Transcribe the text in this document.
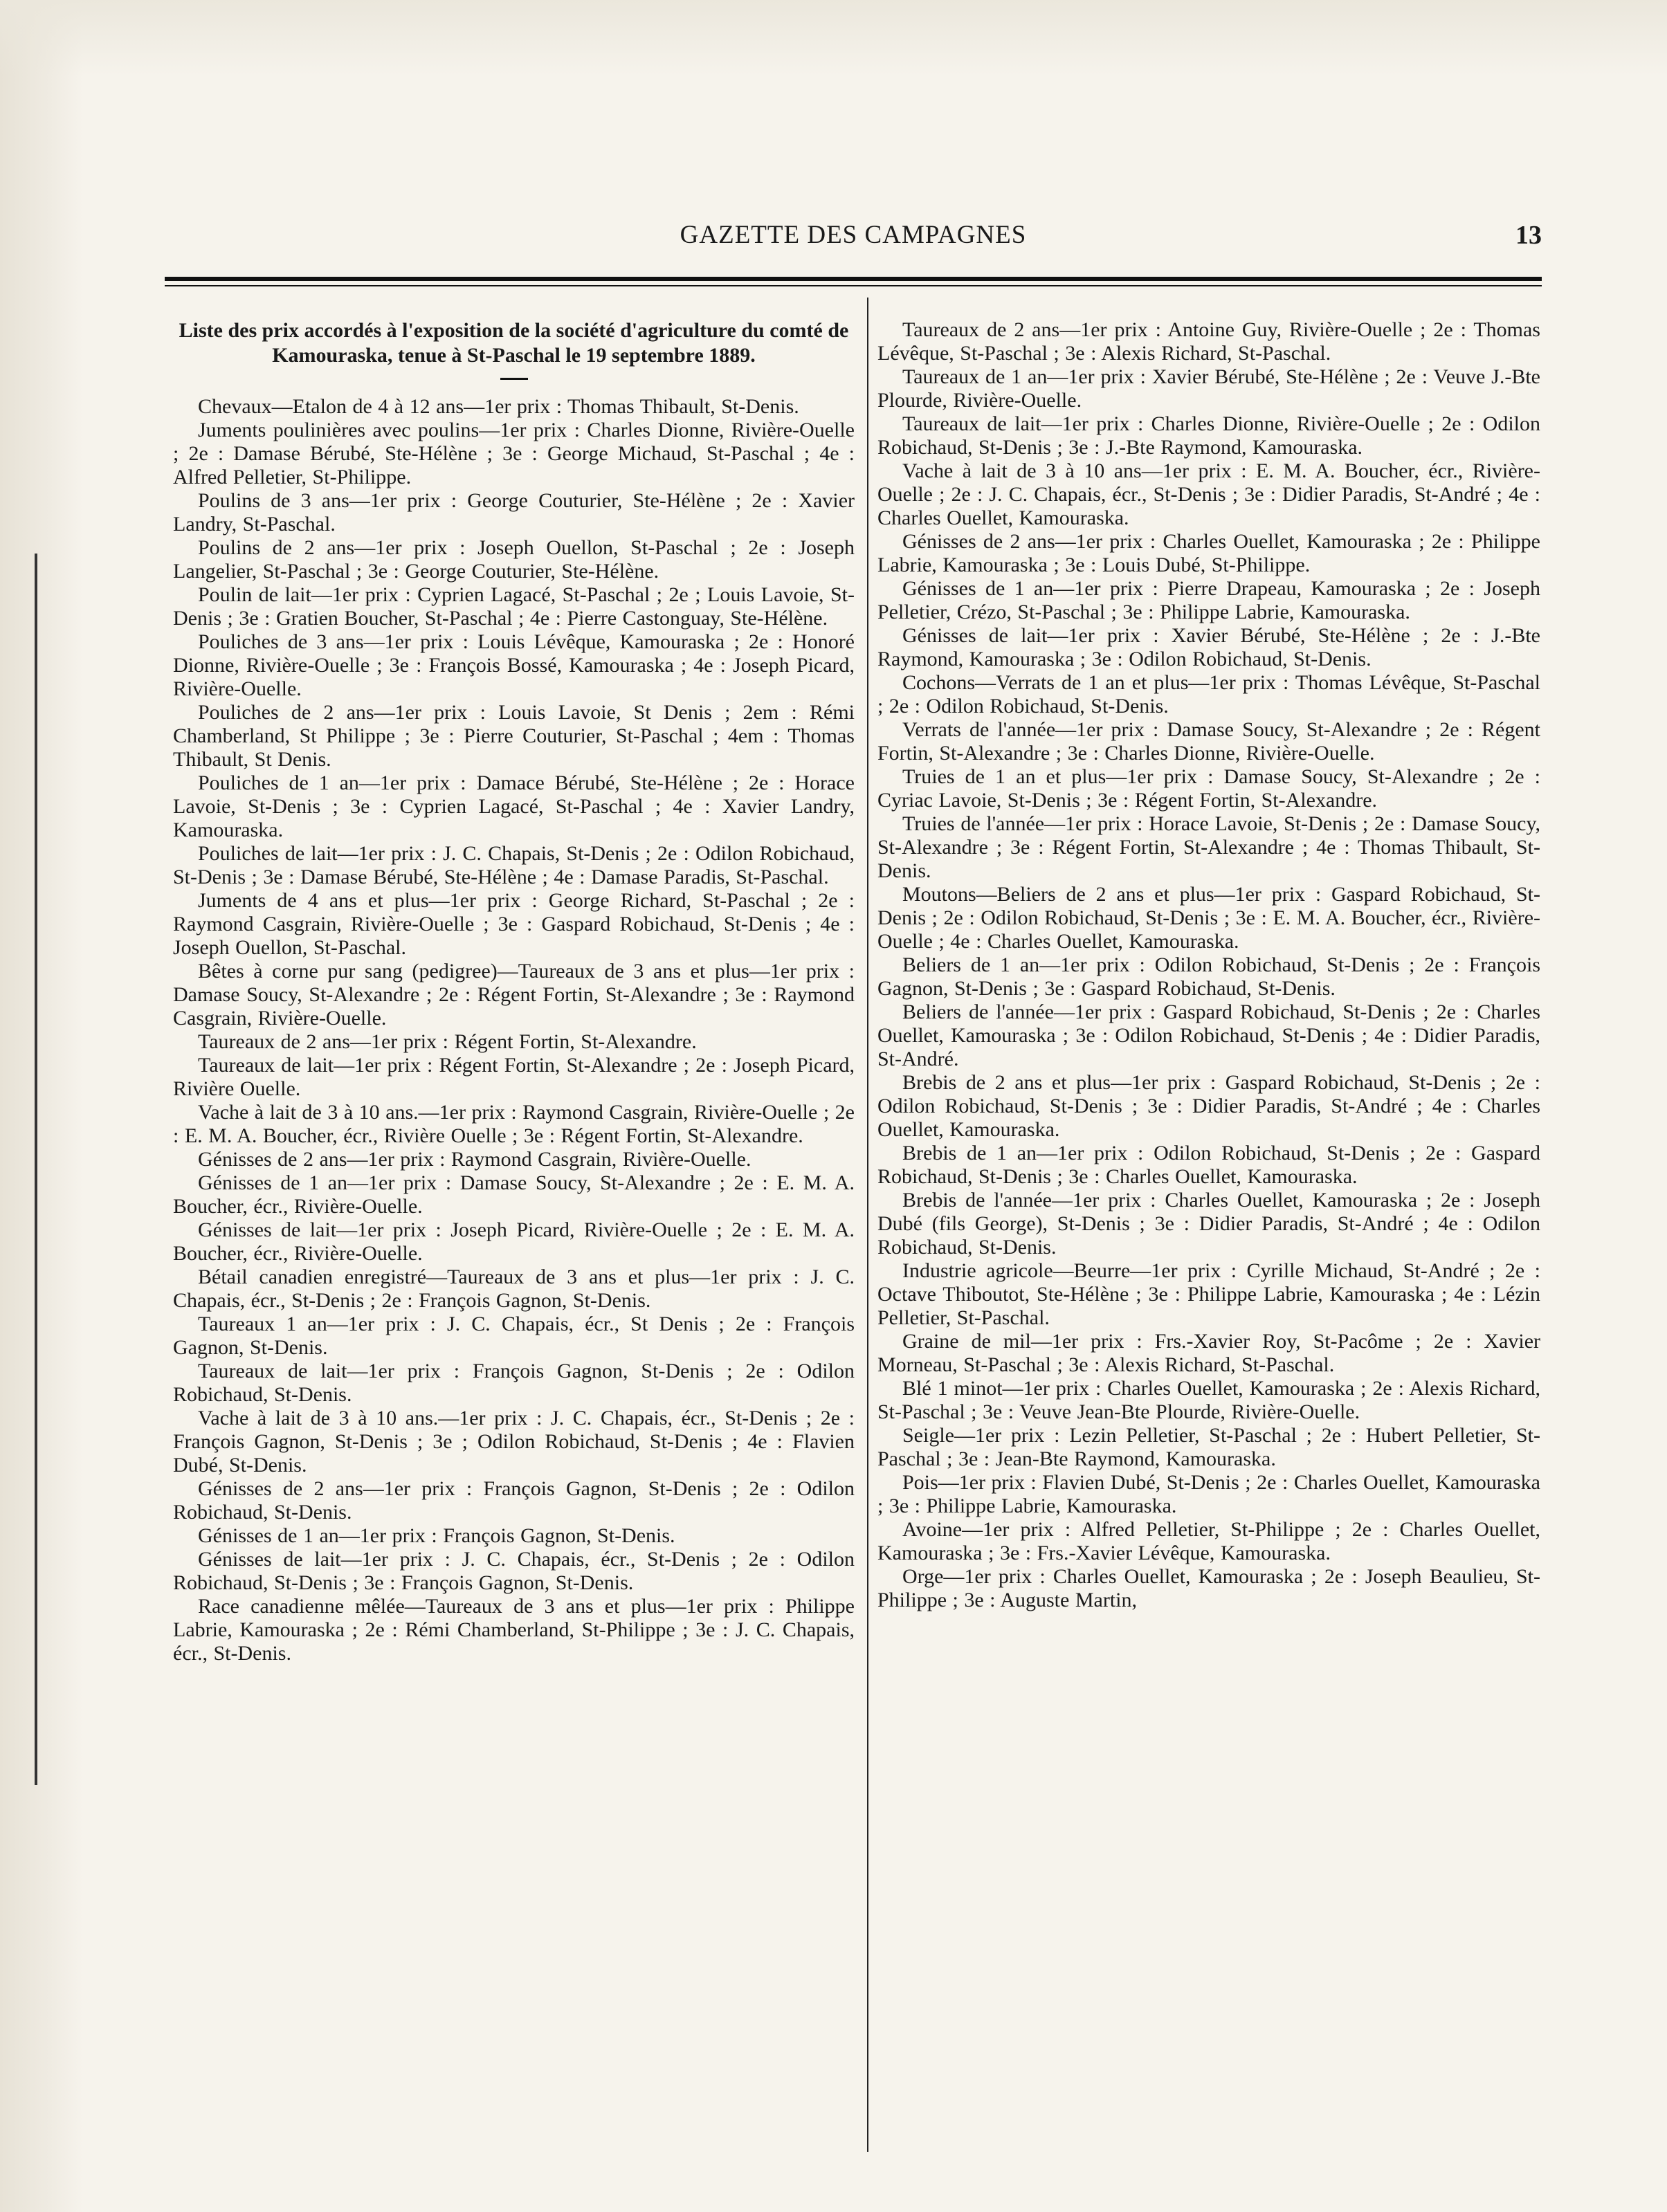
GAZETTE DES CAMPAGNES	13

Liste des prix accordés à l'exposition de la société d'agriculture du comté de Kamouraska, tenue à St-Paschal le 19 septembre 1889.

Chevaux—Etalon de 4 à 12 ans—1er prix : Thomas Thibault, St-Denis.

Juments poulinières avec poulins—1er prix : Charles Dionne, Rivière-Ouelle ; 2e : Damase Bérubé, Ste-Hélène ; 3e : George Michaud, St-Paschal ; 4e : Alfred Pelletier, St-Philippe.

Poulins de 3 ans—1er prix : George Couturier, Ste-Hélène ; 2e : Xavier Landry, St-Paschal.

Poulins de 2 ans—1er prix : Joseph Ouellon, St-Paschal ; 2e : Joseph Langelier, St-Paschal ; 3e : George Couturier, Ste-Hélène.

Poulin de lait—1er prix : Cyprien Lagacé, St-Paschal ; 2e ; Louis Lavoie, St-Denis ; 3e : Gratien Boucher, St-Paschal ; 4e : Pierre Castonguay, Ste-Hélène.

Pouliches de 3 ans—1er prix : Louis Lévêque, Kamouraska ; 2e : Honoré Dionne, Rivière-Ouelle ; 3e : François Bossé, Kamouraska ; 4e : Joseph Picard, Rivière-Ouelle.

Pouliches de 2 ans—1er prix : Louis Lavoie, St Denis ; 2em : Rémi Chamberland, St Philippe ; 3e : Pierre Couturier, St-Paschal ; 4em : Thomas Thibault, St Denis.

Pouliches de 1 an—1er prix : Damace Bérubé, Ste-Hélène ; 2e : Horace Lavoie, St-Denis ; 3e : Cyprien Lagacé, St-Paschal ; 4e : Xavier Landry, Kamouraska.

Pouliches de lait—1er prix : J. C. Chapais, St-Denis ; 2e : Odilon Robichaud, St-Denis ; 3e : Damase Bérubé, Ste-Hélène ; 4e : Damase Paradis, St-Paschal.

Juments de 4 ans et plus—1er prix : George Richard, St-Paschal ; 2e : Raymond Casgrain, Rivière-Ouelle ; 3e : Gaspard Robichaud, St-Denis ; 4e : Joseph Ouellon, St-Paschal.

Bêtes à corne pur sang (pedigree)—Taureaux de 3 ans et plus—1er prix : Damase Soucy, St-Alexandre ; 2e : Régent Fortin, St-Alexandre ; 3e : Raymond Casgrain, Rivière-Ouelle.

Taureaux de 2 ans—1er prix : Régent Fortin, St-Alexandre.

Taureaux de lait—1er prix : Régent Fortin, St-Alexandre ; 2e : Joseph Picard, Rivière Ouelle.

Vache à lait de 3 à 10 ans.—1er prix : Raymond Casgrain, Rivière-Ouelle ; 2e : E. M. A. Boucher, écr., Rivière Ouelle ; 3e : Régent Fortin, St-Alexandre.

Génisses de 2 ans—1er prix : Raymond Casgrain, Rivière-Ouelle.

Génisses de 1 an—1er prix : Damase Soucy, St-Alexandre ; 2e : E. M. A. Boucher, écr., Rivière-Ouelle.

Génisses de lait—1er prix : Joseph Picard, Rivière-Ouelle ; 2e : E. M. A. Boucher, écr., Rivière-Ouelle.

Bétail canadien enregistré—Taureaux de 3 ans et plus—1er prix : J. C. Chapais, écr., St-Denis ; 2e : François Gagnon, St-Denis.

Taureaux 1 an—1er prix : J. C. Chapais, écr., St Denis ; 2e : François Gagnon, St-Denis.

Taureaux de lait—1er prix : François Gagnon, St-Denis ; 2e : Odilon Robichaud, St-Denis.

Vache à lait de 3 à 10 ans.—1er prix : J. C. Chapais, écr., St-Denis ; 2e : François Gagnon, St-Denis ; 3e ; Odilon Robichaud, St-Denis ; 4e : Flavien Dubé, St-Denis.

Génisses de 2 ans—1er prix : François Gagnon, St-Denis ; 2e : Odilon Robichaud, St-Denis.

Génisses de 1 an—1er prix : François Gagnon, St-Denis.

Génisses de lait—1er prix : J. C. Chapais, écr., St-Denis ; 2e : Odilon Robichaud, St-Denis ; 3e : François Gagnon, St-Denis.

Race canadienne mêlée—Taureaux de 3 ans et plus—1er prix : Philippe Labrie, Kamouraska ; 2e : Rémi Chamberland, St-Philippe ; 3e : J. C. Chapais, écr., St-Denis.

Taureaux de 2 ans—1er prix : Antoine Guy, Rivière-Ouelle ; 2e : Thomas Lévêque, St-Paschal ; 3e : Alexis Richard, St-Paschal.

Taureaux de 1 an—1er prix : Xavier Bérubé, Ste-Hélène ; 2e : Veuve J.-Bte Plourde, Rivière-Ouelle.

Taureaux de lait—1er prix : Charles Dionne, Rivière-Ouelle ; 2e : Odilon Robichaud, St-Denis ; 3e : J.-Bte Raymond, Kamouraska.

Vache à lait de 3 à 10 ans—1er prix : E. M. A. Boucher, écr., Rivière-Ouelle ; 2e : J. C. Chapais, écr., St-Denis ; 3e : Didier Paradis, St-André ; 4e : Charles Ouellet, Kamouraska.

Génisses de 2 ans—1er prix : Charles Ouellet, Kamouraska ; 2e : Philippe Labrie, Kamouraska ; 3e : Louis Dubé, St-Philippe.

Génisses de 1 an—1er prix : Pierre Drapeau, Kamouraska ; 2e : Joseph Pelletier, Crézo, St-Paschal ; 3e : Philippe Labrie, Kamouraska.

Génisses de lait—1er prix : Xavier Bérubé, Ste-Hélène ; 2e : J.-Bte Raymond, Kamouraska ; 3e : Odilon Robichaud, St-Denis.

Cochons—Verrats de 1 an et plus—1er prix : Thomas Lévêque, St-Paschal ; 2e : Odilon Robichaud, St-Denis.

Verrats de l'année—1er prix : Damase Soucy, St-Alexandre ; 2e : Régent Fortin, St-Alexandre ; 3e : Charles Dionne, Rivière-Ouelle.

Truies de 1 an et plus—1er prix : Damase Soucy, St-Alexandre ; 2e : Cyriac Lavoie, St-Denis ; 3e : Régent Fortin, St-Alexandre.

Truies de l'année—1er prix : Horace Lavoie, St-Denis ; 2e : Damase Soucy, St-Alexandre ; 3e : Régent Fortin, St-Alexandre ; 4e : Thomas Thibault, St-Denis.

Moutons—Beliers de 2 ans et plus—1er prix : Gaspard Robichaud, St-Denis ; 2e : Odilon Robichaud, St-Denis ; 3e : E. M. A. Boucher, écr., Rivière-Ouelle ; 4e : Charles Ouellet, Kamouraska.

Beliers de 1 an—1er prix : Odilon Robichaud, St-Denis ; 2e : François Gagnon, St-Denis ; 3e : Gaspard Robichaud, St-Denis.

Beliers de l'année—1er prix : Gaspard Robichaud, St-Denis ; 2e : Charles Ouellet, Kamouraska ; 3e : Odilon Robichaud, St-Denis ; 4e : Didier Paradis, St-André.

Brebis de 2 ans et plus—1er prix : Gaspard Robichaud, St-Denis ; 2e : Odilon Robichaud, St-Denis ; 3e : Didier Paradis, St-André ; 4e : Charles Ouellet, Kamouraska.

Brebis de 1 an—1er prix : Odilon Robichaud, St-Denis ; 2e : Gaspard Robichaud, St-Denis ; 3e : Charles Ouellet, Kamouraska.

Brebis de l'année—1er prix : Charles Ouellet, Kamouraska ; 2e : Joseph Dubé (fils George), St-Denis ; 3e : Didier Paradis, St-André ; 4e : Odilon Robichaud, St-Denis.

Industrie agricole—Beurre—1er prix : Cyrille Michaud, St-André ; 2e : Octave Thiboutot, Ste-Hélène ; 3e : Philippe Labrie, Kamouraska ; 4e : Lézin Pelletier, St-Paschal.

Graine de mil—1er prix : Frs.-Xavier Roy, St-Pacôme ; 2e : Xavier Morneau, St-Paschal ; 3e : Alexis Richard, St-Paschal.

Blé 1 minot—1er prix : Charles Ouellet, Kamouraska ; 2e : Alexis Richard, St-Paschal ; 3e : Veuve Jean-Bte Plourde, Rivière-Ouelle.

Seigle—1er prix : Lezin Pelletier, St-Paschal ; 2e : Hubert Pelletier, St-Paschal ; 3e : Jean-Bte Raymond, Kamouraska.

Pois—1er prix : Flavien Dubé, St-Denis ; 2e : Charles Ouellet, Kamouraska ; 3e : Philippe Labrie, Kamouraska.

Avoine—1er prix : Alfred Pelletier, St-Philippe ; 2e : Charles Ouellet, Kamouraska ; 3e : Frs.-Xavier Lévêque, Kamouraska.

Orge—1er prix : Charles Ouellet, Kamouraska ; 2e : Joseph Beaulieu, St-Philippe ; 3e : Auguste Martin,
